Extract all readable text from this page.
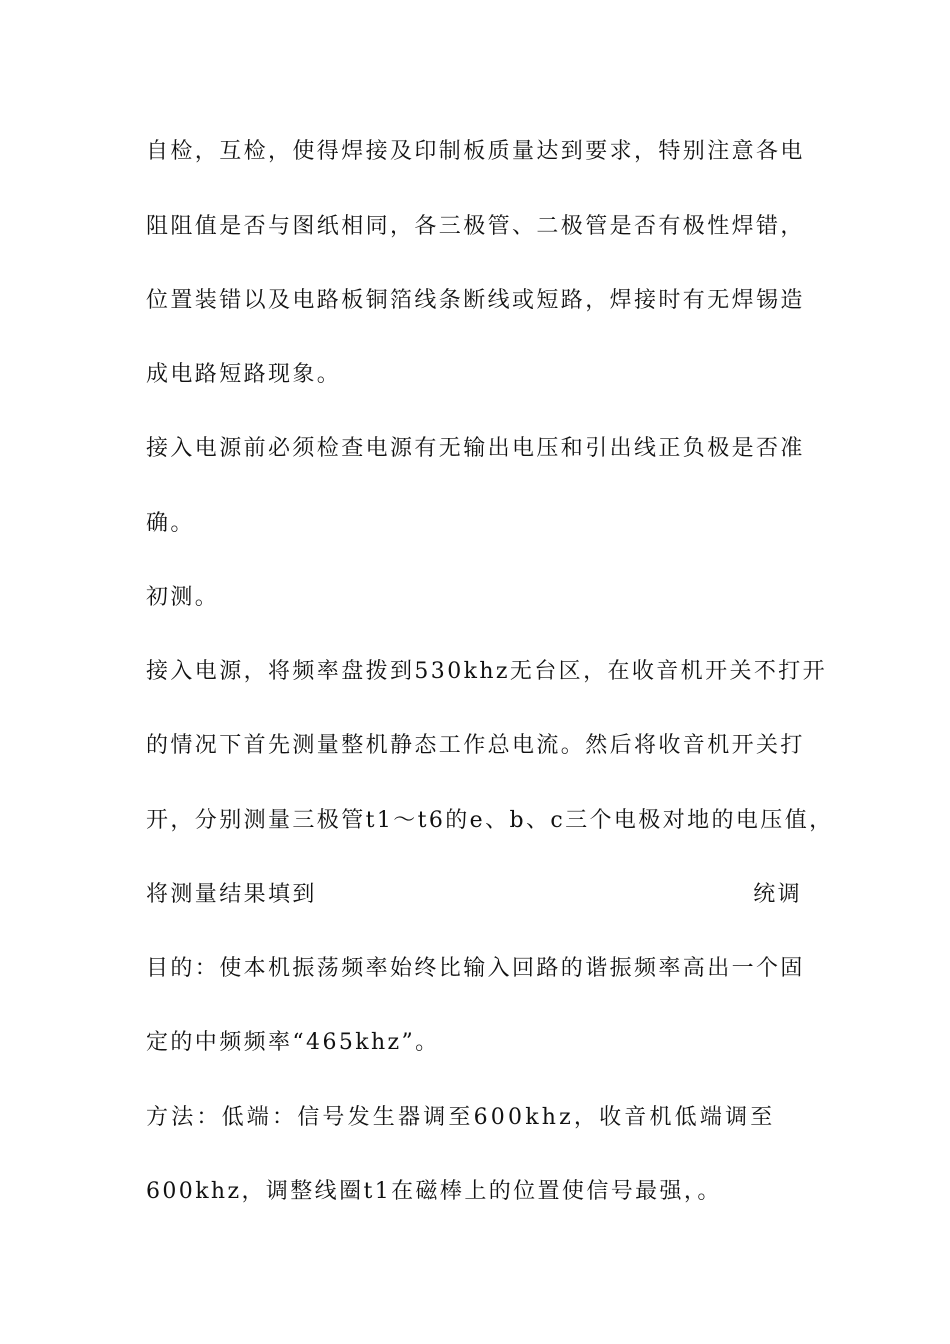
自检，互检，使得焊接及印制板质量达到要求，特别注意各电
阻阻值是否与图纸相同，各三极管、二极管是否有极性焊错，
位置装错以及电路板铜箔线条断线或短路，焊接时有无焊锡造
成电路短路现象。
接入电源前必须检查电源有无输出电压和引出线正负极是否准
确。
初测。
接入电源，将频率盘拨到530khz无台区，在收音机开关不打开
的情况下首先测量整机静态工作总电流。然后将收音机开关打
开，分别测量三极管t1～t6的e、b、c三个电极对地的电压值，
将测量结果填到	统调
目的：使本机振荡频率始终比输入回路的谐振频率高出一个固
定的中频频率“465khz”。
方法：低端：信号发生器调至600khz，收音机低端调至
600khz，调整线圈t1在磁棒上的位置使信号最强，。
